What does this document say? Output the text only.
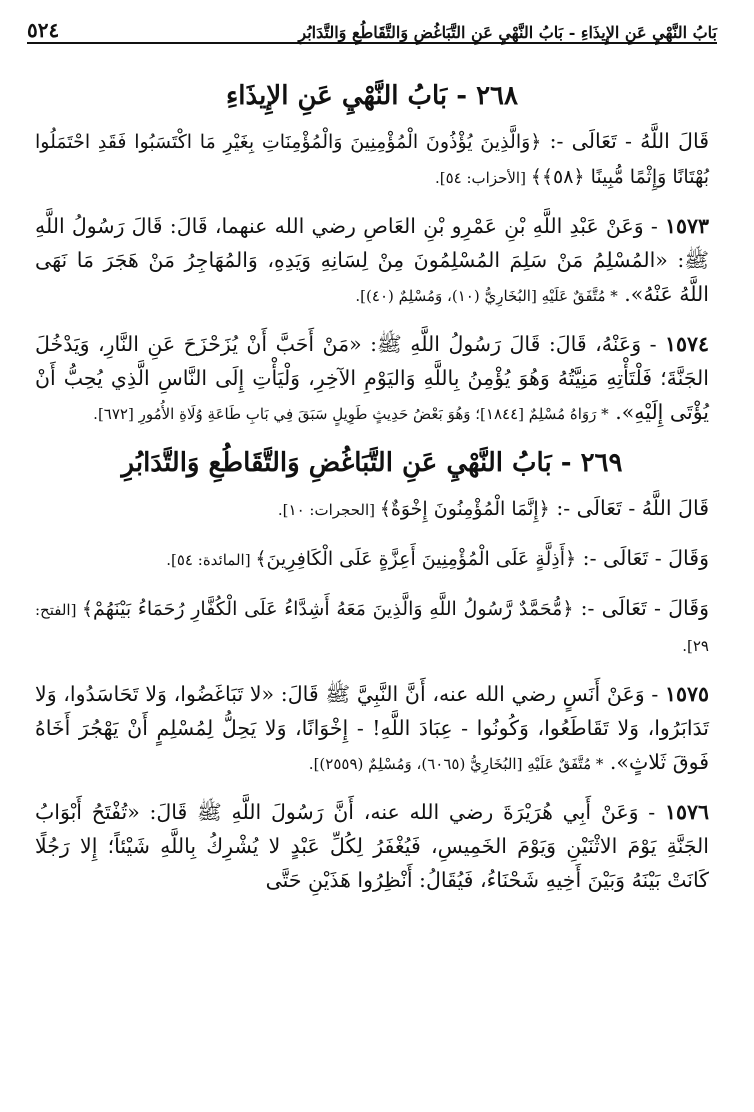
بَابُ النَّهْيِ عَنِ الإِيذَاءِ - بَابُ النَّهْيِ عَنِ التَّبَاغُضِ وَالتَّقَاطُعِ وَالتَّدَابُرِ
٥٢٤
٢٦٨ - بَابُ النَّهْيِ عَنِ الإِيذَاءِ

قَالَ اللَّهُ - تَعَالَى -: ﴿وَالَّذِينَ يُؤْذُونَ الْمُؤْمِنِينَ وَالْمُؤْمِنَاتِ بِغَيْرِ مَا اكْتَسَبُوا فَقَدِ احْتَمَلُوا بُهْتَانًا وَإِثْمًا مُّبِينًا ﴿٥٨﴾﴾ [الأحزاب: ٥٤].

١٥٧٣ - وَعَنْ عَبْدِ اللَّهِ بْنِ عَمْرِو بْنِ العَاصِ رضي الله عنهما، قَالَ: قَالَ رَسُولُ اللَّهِ ﷺ: «المُسْلِمُ مَنْ سَلِمَ المُسْلِمُونَ مِنْ لِسَانِهِ وَيَدِهِ، وَالمُهَاجِرُ مَنْ هَجَرَ مَا نَهَى اللَّهُ عَنْهُ». * مُتَّفَقٌ عَلَيْهِ [البُخَارِيُّ (١٠)، وَمُسْلِمٌ (٤٠)].

١٥٧٤ - وَعَنْهُ، قَالَ: قَالَ رَسُولُ اللَّهِ ﷺ: «مَنْ أَحَبَّ أَنْ يُزَحْزَحَ عَنِ النَّارِ، وَيَدْخُلَ الجَنَّةَ؛ فَلْتَأْتِهِ مَنِيَّتُهُ وَهُوَ يُؤْمِنُ بِاللَّهِ وَاليَوْمِ الآخِرِ، وَلْيَأْتِ إِلَى النَّاسِ الَّذِي يُحِبُّ أَنْ يُؤْتَى إِلَيْهِ». * رَوَاهُ مُسْلِمٌ [١٨٤٤]؛ وَهُوَ بَعْضُ حَدِيثٍ طَوِيلٍ سَبَقَ فِي بَابِ طَاعَةِ وُلَاةِ الأُمُورِ [٦٧٢].

٢٦٩ - بَابُ النَّهْيِ عَنِ التَّبَاغُضِ وَالتَّقَاطُعِ وَالتَّدَابُرِ

قَالَ اللَّهُ - تَعَالَى -: ﴿إِنَّمَا الْمُؤْمِنُونَ إِخْوَةٌ﴾ [الحجرات: ١٠].

وَقَالَ - تَعَالَى -: ﴿أَذِلَّةٍ عَلَى الْمُؤْمِنِينَ أَعِزَّةٍ عَلَى الْكَافِرِينَ﴾ [المائدة: ٥٤].

وَقَالَ - تَعَالَى -: ﴿مُّحَمَّدٌ رَّسُولُ اللَّهِ وَالَّذِينَ مَعَهُ أَشِدَّاءُ عَلَى الْكُفَّارِ رُحَمَاءُ بَيْنَهُمْ﴾ [الفتح: ٢٩].

١٥٧٥ - وَعَنْ أَنَسٍ رضي الله عنه، أَنَّ النَّبِيَّ ﷺ قَالَ: «لا تَبَاغَضُوا، وَلا تَحَاسَدُوا، وَلا تَدَابَرُوا، وَلا تَقَاطَعُوا، وَكُونُوا - عِبَادَ اللَّهِ! - إِخْوَانًا، وَلا يَحِلُّ لِمُسْلِمٍ أَنْ يَهْجُرَ أَخَاهُ فَوقَ ثَلاثٍ». * مُتَّفَقٌ عَلَيْهِ [البُخَارِيُّ (٦٠٦٥)، وَمُسْلِمٌ (٢٥٥٩)].

١٥٧٦ - وَعَنْ أَبِي هُرَيْرَةَ رضي الله عنه، أَنَّ رَسُولَ اللَّهِ ﷺ قَالَ: «تُفْتَحُ أَبْوَابُ الجَنَّةِ يَوْمَ الاثْنَيْنِ وَيَوْمَ الخَمِيسِ، فَيُغْفَرُ لِكُلِّ عَبْدٍ لا يُشْرِكُ بِاللَّهِ شَيْئاً؛ إِلا رَجُلًا كَانَتْ بَيْنَهُ وَبَيْنَ أَخِيهِ شَحْنَاءُ، فَيُقَالُ: أَنْظِرُوا هَذَيْنِ حَتَّى
